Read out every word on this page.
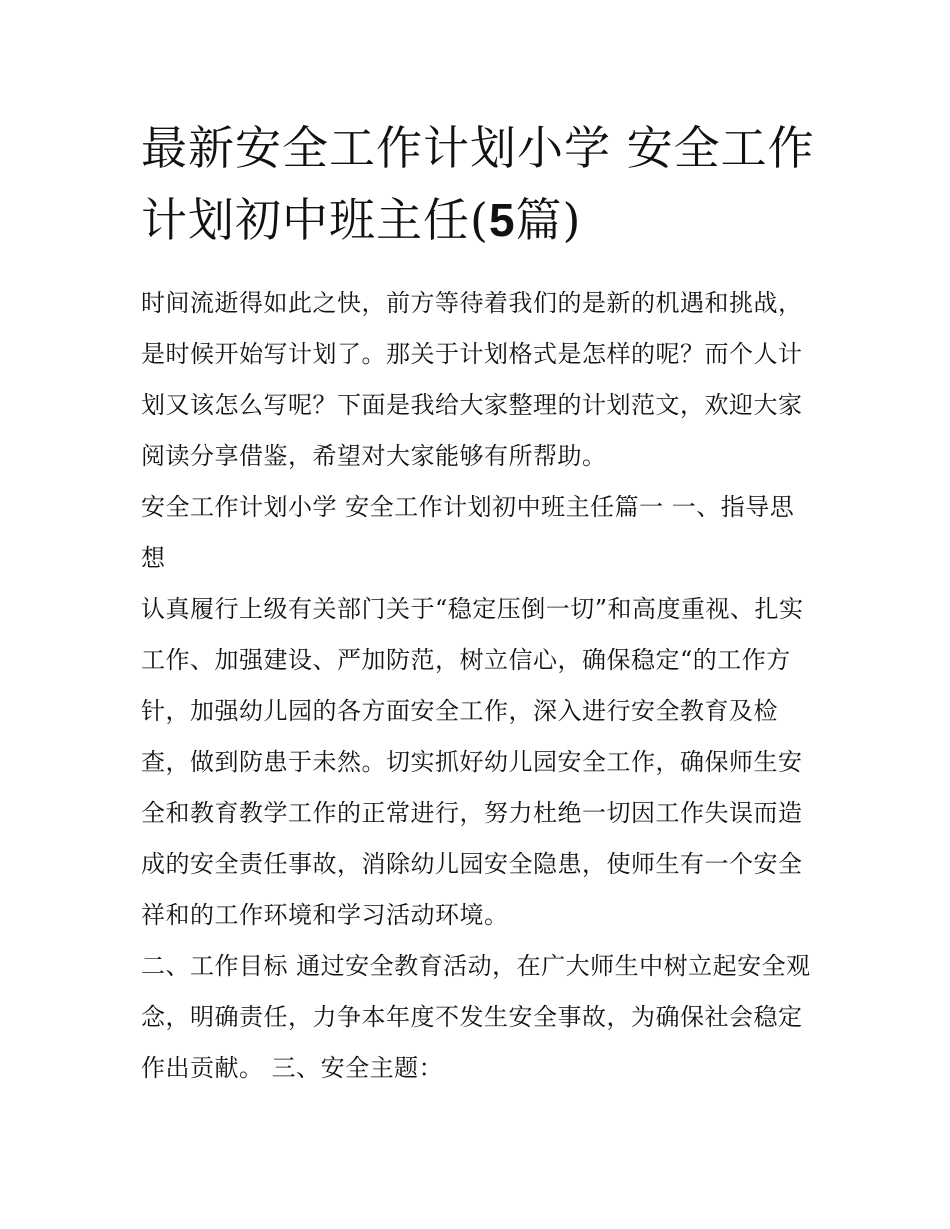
最新安全工作计划小学 安全工作计划初中班主任(5篇)

时间流逝得如此之快，前方等待着我们的是新的机遇和挑战，是时候开始写计划了。那关于计划格式是怎样的呢？而个人计划又该怎么写呢？下面是我给大家整理的计划范文，欢迎大家阅读分享借鉴，希望对大家能够有所帮助。

安全工作计划小学 安全工作计划初中班主任篇一 一、指导思想

认真履行上级有关部门关于“稳定压倒一切”和高度重视、扎实工作、加强建设、严加防范，树立信心，确保稳定“的工作方针，加强幼儿园的各方面安全工作，深入进行安全教育及检查，做到防患于未然。切实抓好幼儿园安全工作，确保师生安全和教育教学工作的正常进行，努力杜绝一切因工作失误而造成的安全责任事故，消除幼儿园安全隐患，使师生有一个安全祥和的工作环境和学习活动环境。

二、工作目标 通过安全教育活动，在广大师生中树立起安全观念，明确责任，力争本年度不发生安全事故，为确保社会稳定作出贡献。 三、安全主题：
